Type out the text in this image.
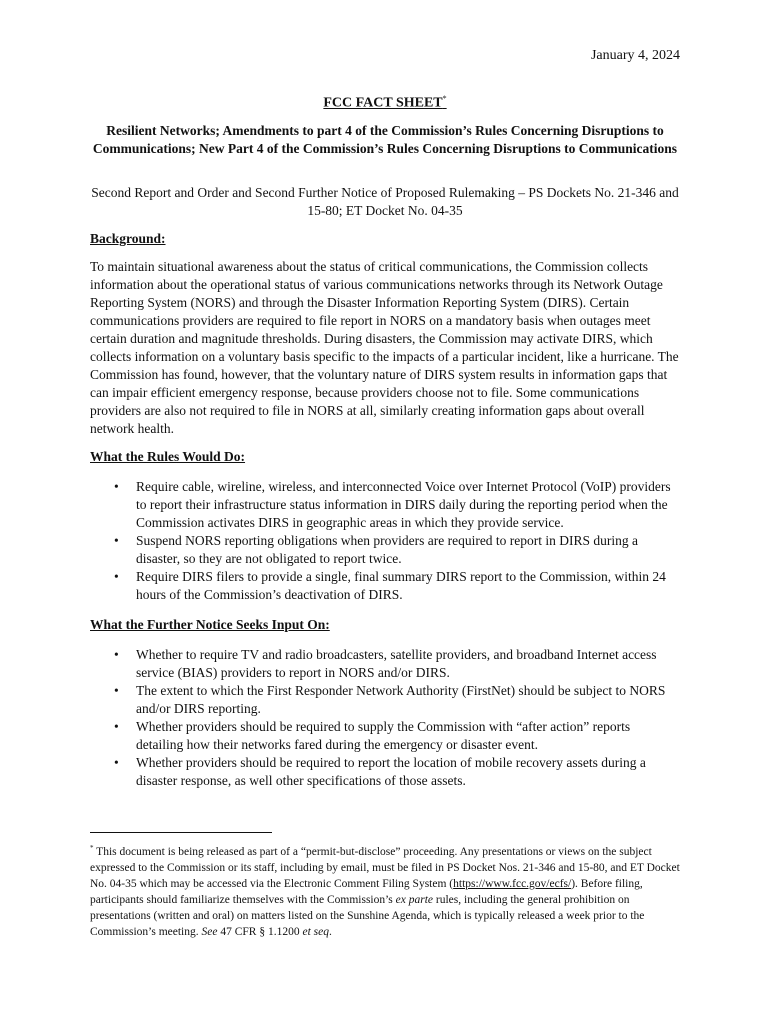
January 4, 2024
FCC FACT SHEET*
Resilient Networks; Amendments to part 4 of the Commission’s Rules Concerning Disruptions to Communications; New Part 4 of the Commission’s Rules Concerning Disruptions to Communications
Second Report and Order and Second Further Notice of Proposed Rulemaking – PS Dockets No. 21-346 and 15-80; ET Docket No. 04-35

Background:

To maintain situational awareness about the status of critical communications, the Commission collects information about the operational status of various communications networks through its Network Outage Reporting System (NORS) and through the Disaster Information Reporting System (DIRS). Certain communications providers are required to file report in NORS on a mandatory basis when outages meet certain duration and magnitude thresholds. During disasters, the Commission may activate DIRS, which collects information on a voluntary basis specific to the impacts of a particular incident, like a hurricane. The Commission has found, however, that the voluntary nature of DIRS system results in information gaps that can impair efficient emergency response, because providers choose not to file. Some communications providers are also not required to file in NORS at all, similarly creating information gaps about overall network health.

What the Rules Would Do:

• Require cable, wireline, wireless, and interconnected Voice over Internet Protocol (VoIP) providers to report their infrastructure status information in DIRS daily during the reporting period when the Commission activates DIRS in geographic areas in which they provide service.
• Suspend NORS reporting obligations when providers are required to report in DIRS during a disaster, so they are not obligated to report twice.
• Require DIRS filers to provide a single, final summary DIRS report to the Commission, within 24 hours of the Commission’s deactivation of DIRS.

What the Further Notice Seeks Input On:

• Whether to require TV and radio broadcasters, satellite providers, and broadband Internet access service (BIAS) providers to report in NORS and/or DIRS.
• The extent to which the First Responder Network Authority (FirstNet) should be subject to NORS and/or DIRS reporting.
• Whether providers should be required to supply the Commission with “after action” reports detailing how their networks fared during the emergency or disaster event.
• Whether providers should be required to report the location of mobile recovery assets during a disaster response, as well other specifications of those assets.
* This document is being released as part of a “permit-but-disclose” proceeding. Any presentations or views on the subject expressed to the Commission or its staff, including by email, must be filed in PS Docket Nos. 21-346 and 15-80, and ET Docket No. 04-35 which may be accessed via the Electronic Comment Filing System (https://www.fcc.gov/ecfs/). Before filing, participants should familiarize themselves with the Commission’s ex parte rules, including the general prohibition on presentations (written and oral) on matters listed on the Sunshine Agenda, which is typically released a week prior to the Commission’s meeting. See 47 CFR § 1.1200 et seq.
